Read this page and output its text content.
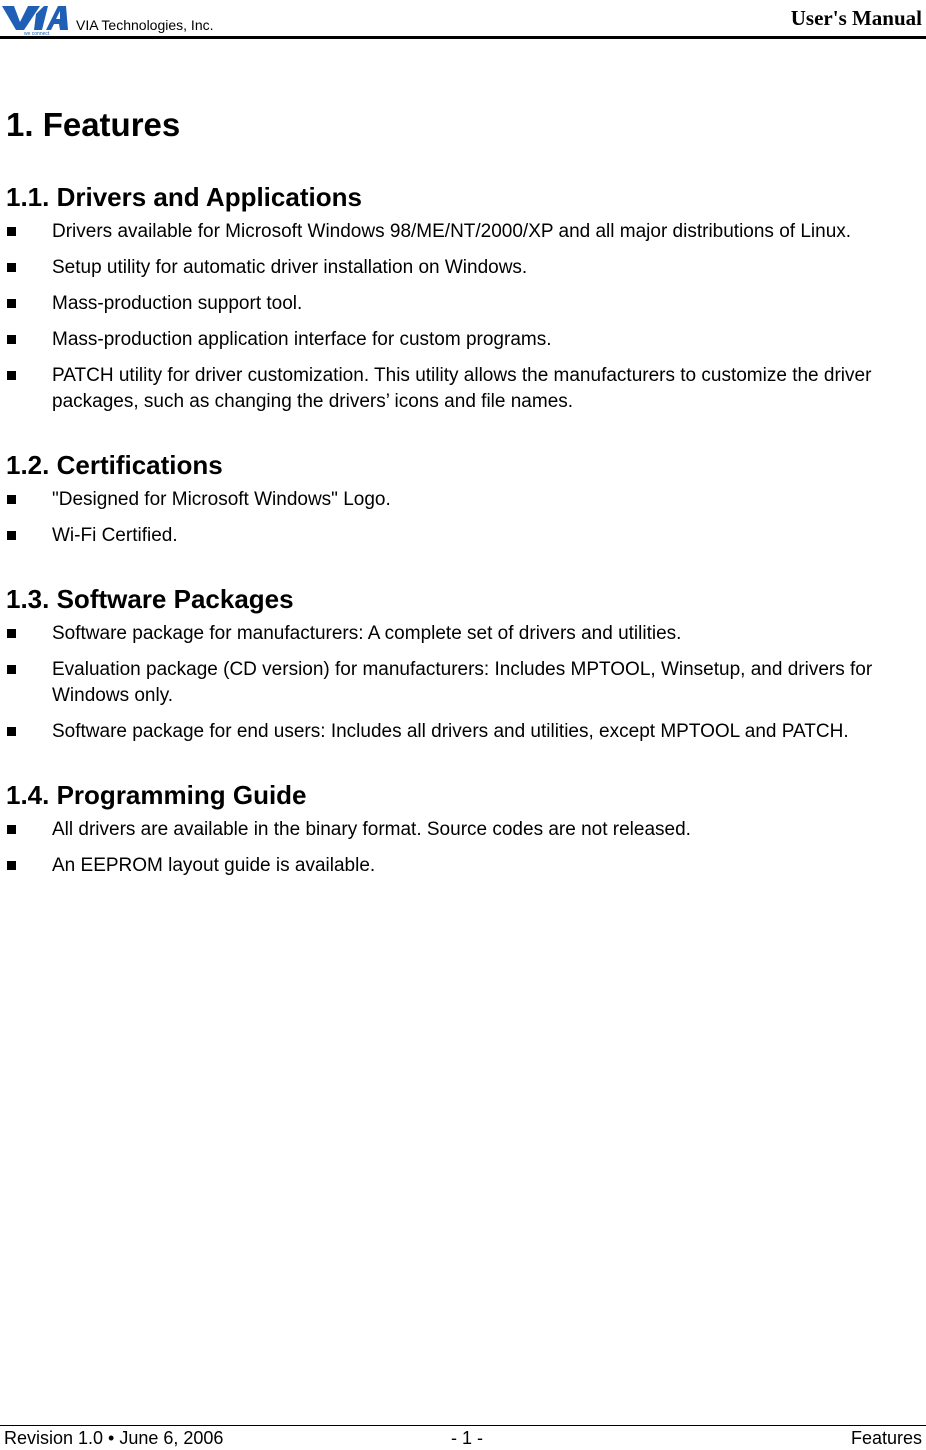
we connect
VIA Technologies, Inc.	User's Manual
1. Features
1.1. Drivers and Applications
Drivers available for Microsoft Windows 98/ME/NT/2000/XP and all major distributions of Linux.
Setup utility for automatic driver installation on Windows.
Mass-production support tool.
Mass-production application interface for custom programs.
PATCH utility for driver customization. This utility allows the manufacturers to customize the driver packages, such as changing the drivers’ icons and file names.
1.2. Certifications
"Designed for Microsoft Windows" Logo.
Wi-Fi Certified.
1.3. Software Packages
Software package for manufacturers: A complete set of drivers and utilities.
Evaluation package (CD version) for manufacturers: Includes MPTOOL, Winsetup, and drivers for Windows only.
Software package for end users: Includes all drivers and utilities, except MPTOOL and PATCH.
1.4. Programming Guide
All drivers are available in the binary format. Source codes are not released.
An EEPROM layout guide is available.
Revision 1.0 • June 6, 2006	- 1 -	Features
